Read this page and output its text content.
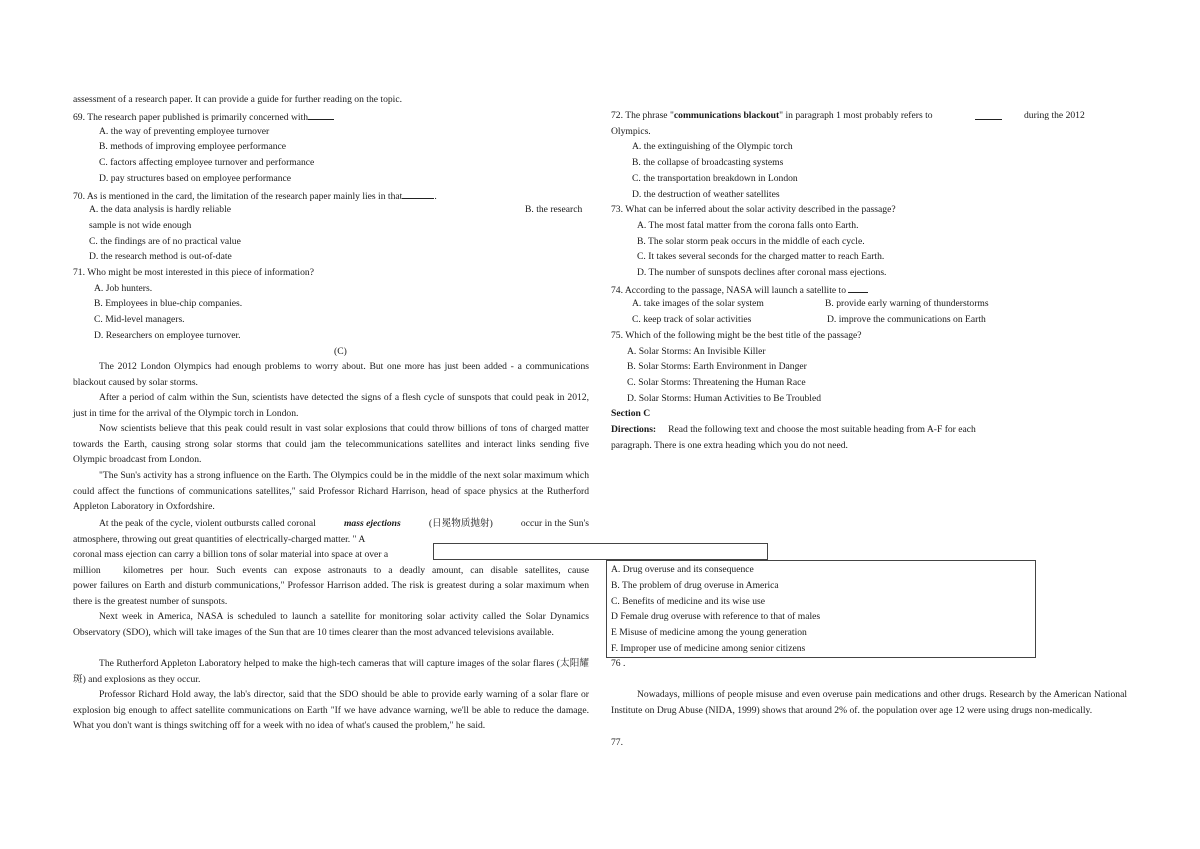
assessment of a research paper. It can provide a guide for further reading on the topic.
69. The research paper published is primarily concerned with
A. the way of preventing employee turnover
B. methods of improving employee performance
C. factors affecting employee turnover and performance
D. pay structures based on employee performance
70. As is mentioned in the card, the limitation of the research paper mainly lies in that	.
A. the data analysis is hardly reliable	B. the research
sample is not wide enough
C. the findings are of no practical value
D. the research method is out-of-date
71. Who might be most interested in this piece of information?
A. Job hunters.
B. Employees in blue-chip companies.
C. Mid-level managers.
D. Researchers on employee turnover.
(C)
The 2012 London Olympics had enough problems to worry about. But one more has just been added - a communications blackout caused by solar storms.
After a period of calm within the Sun, scientists have detected the signs of a flesh cycle of sunspots that could peak in 2012, just in time for the arrival of the Olympic torch in London.
Now scientists believe that this peak could result in vast solar explosions that could throw billions of tons of charged matter towards the Earth, causing strong solar storms that could jam the telecommunications satellites and interact links sending five Olympic broadcast from London.
"The Sun's activity has a strong influence on the Earth. The Olympics could be in the middle of the next solar maximum which could affect the functions of communications satellites," said Professor Richard Harrison, head of space physics at the Rutherford Appleton Laboratory in Oxfordshire.
At the peak of the cycle, violent outbursts called coronal	mass ejections	(日冕物质抛射)	occur in the Sun's
atmosphere, throwing out great quantities of electrically-charged matter. " A
coronal mass ejection can carry a billion tons of solar material into space at over a
million kilometres per hour. Such events can expose astronauts to a deadly amount, can disable satellites, cause
power failures on Earth and disturb communications," Professor Harrison added. The risk is greatest during a solar maximum when there is the greatest number of sunspots.
Next week in America, NASA is scheduled to launch a satellite for monitoring solar activity called the Solar Dynamics Observatory (SDO), which will take images of the Sun that are 10 times clearer than the most advanced televisions available.
The Rutherford Appleton Laboratory helped to make the high-tech cameras that will capture images of the solar flares (太阳耀斑) and explosions as they occur.
Professor Richard Hold away, the lab's director, said that the SDO should be able to provide early warning of a solar flare or explosion big enough to affect satellite communications on Earth "If we have advance warning, we'll be able to reduce the damage. What you don't want is things switching off for a week with no idea of what's caused the problem," he said.
72. The phrase "communications blackout" in paragraph 1 most probably refers to	during the 2012
Olympics.
A. the extinguishing of the Olympic torch
B. the collapse of broadcasting systems
C. the transportation breakdown in London
D. the destruction of weather satellites
73. What can be inferred about the solar activity described in the passage?
A. The most fatal matter from the corona falls onto Earth.
B. The solar storm peak occurs in the middle of each cycle.
C. It takes several seconds for the charged matter to reach Earth.
D. The number of sunspots declines after coronal mass ejections.
74. According to the passage, NASA will launch a satellite to
A. take images of the solar system	B. provide early warning of thunderstorms
C. keep track of solar activities	D. improve the communications on Earth
75. Which of the following might be the best title of the passage?
A. Solar Storms: An Invisible Killer
B. Solar Storms: Earth Environment in Danger
C. Solar Storms: Threatening the Human Race
D. Solar Storms: Human Activities to Be Troubled
Section C
Directions: Read the following text and choose the most suitable heading from A-F for each
paragraph. There is one extra heading which you do not need.
A. Drug overuse and its consequence
B. The problem of drug overuse in America
C. Benefits of medicine and its wise use
D Female drug overuse with reference to that of males
E Misuse of medicine among the young generation
F. Improper use of medicine among senior citizens
76 .
Nowadays, millions of people misuse and even overuse pain medications and other drugs. Research by the American National Institute on Drug Abuse (NIDA, 1999) shows that around 2% of. the population over age 12 were using drugs non-medically.
77.
